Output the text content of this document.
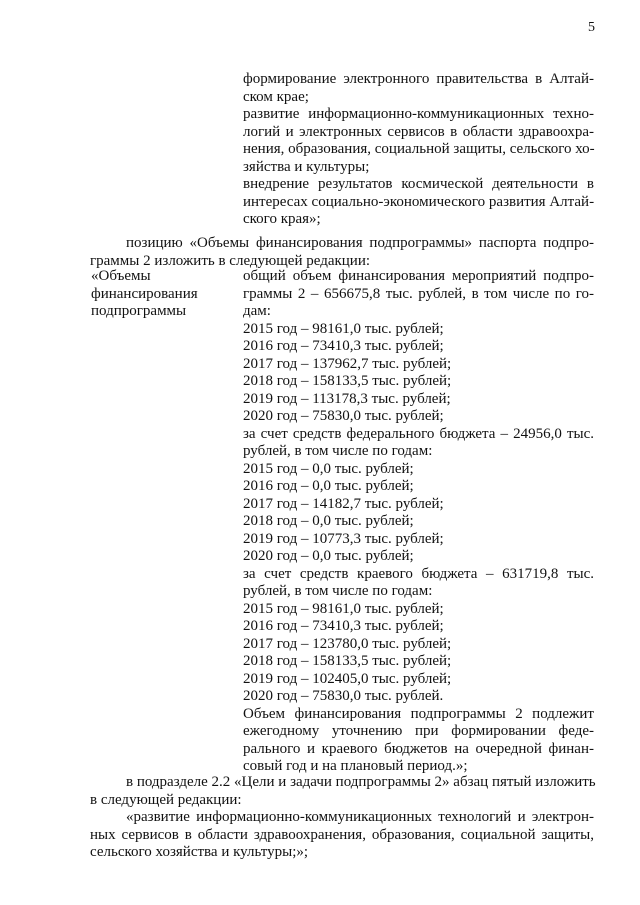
5
формирование электронного правительства в Алтай-
ском крае;
развитие информационно-коммуникационных техно-
логий и электронных сервисов в области здравоохра-
нения, образования, социальной защиты, сельского хо-
зяйства и культуры;
внедрение результатов космической деятельности в
интересах социально-экономического развития Алтай-
ского края»;
позицию «Объемы финансирования подпрограммы» паспорта подпро-
граммы 2 изложить в следующей редакции:
«Объемы
финансирования
подпрограммы
общий объем финансирования мероприятий подпро-
граммы 2 – 656675,8 тыс. рублей, в том числе по го-
дам:
2015 год – 98161,0 тыс. рублей;
2016 год – 73410,3 тыс. рублей;
2017 год – 137962,7 тыс. рублей;
2018 год – 158133,5 тыс. рублей;
2019 год – 113178,3 тыс. рублей;
2020 год – 75830,0 тыс. рублей;
за счет средств федерального бюджета – 24956,0 тыс.
рублей, в том числе по годам:
2015 год – 0,0 тыс. рублей;
2016 год – 0,0 тыс. рублей;
2017 год – 14182,7 тыс. рублей;
2018 год – 0,0 тыс. рублей;
2019 год – 10773,3 тыс. рублей;
2020 год – 0,0 тыс. рублей;
за счет средств краевого бюджета – 631719,8 тыс.
рублей, в том числе по годам:
2015 год – 98161,0 тыс. рублей;
2016 год – 73410,3 тыс. рублей;
2017 год – 123780,0 тыс. рублей;
2018 год – 158133,5 тыс. рублей;
2019 год – 102405,0 тыс. рублей;
2020 год – 75830,0 тыс. рублей.
Объем финансирования подпрограммы 2 подлежит
ежегодному уточнению при формировании феде-
рального и краевого бюджетов на очередной финан-
совый год и на плановый период.»;
в подразделе 2.2 «Цели и задачи подпрограммы 2» абзац пятый изложить
в следующей редакции:
«развитие информационно-коммуникационных технологий и электрон-
ных сервисов в области здравоохранения, образования, социальной защиты,
сельского хозяйства и культуры;»;
